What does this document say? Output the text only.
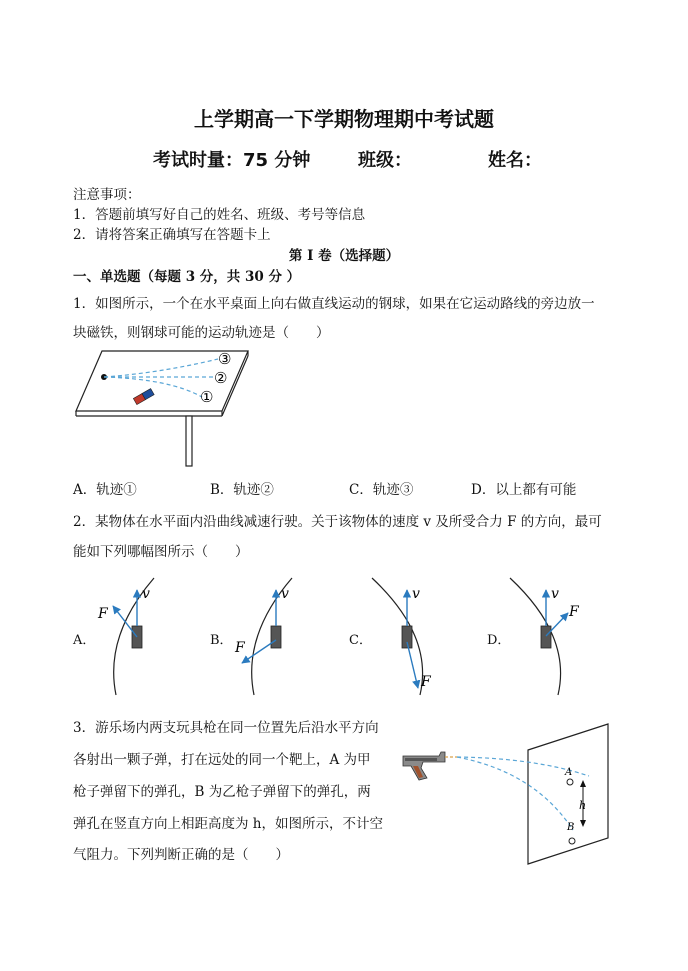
上学期高一下学期物理期中考试题
考试时量：75 分钟	班级：	姓名：
注意事项：
1．答题前填写好自己的姓名、班级、考号等信息
2．请将答案正确填写在答题卡上
第 I 卷（选择题）
一、单选题（每题 3 分，共 30 分 ）
1．如图所示，一个在水平桌面上向右做直线运动的钢球，如果在它运动路线的旁边放一
块磁铁，则钢球可能的运动轨迹是（　　）
③
②
①
A．轨迹①	B．轨迹②	C．轨迹③	D．以上都有可能
2．某物体在水平面内沿曲线减速行驶。关于该物体的速度 v 及所受合力 F 的方向，最可
能如下列哪幅图所示（　　）
A．	B．	C．	D．
v
F
v
F
v
F
v
F
3．游乐场内两支玩具枪在同一位置先后沿水平方向
各射出一颗子弹，打在远处的同一个靶上，A 为甲
枪子弹留下的弹孔，B 为乙枪子弹留下的弹孔，两
弹孔在竖直方向上相距高度为 h，如图所示，不计空
气阻力。下列判断正确的是（　　）
A
B
h
